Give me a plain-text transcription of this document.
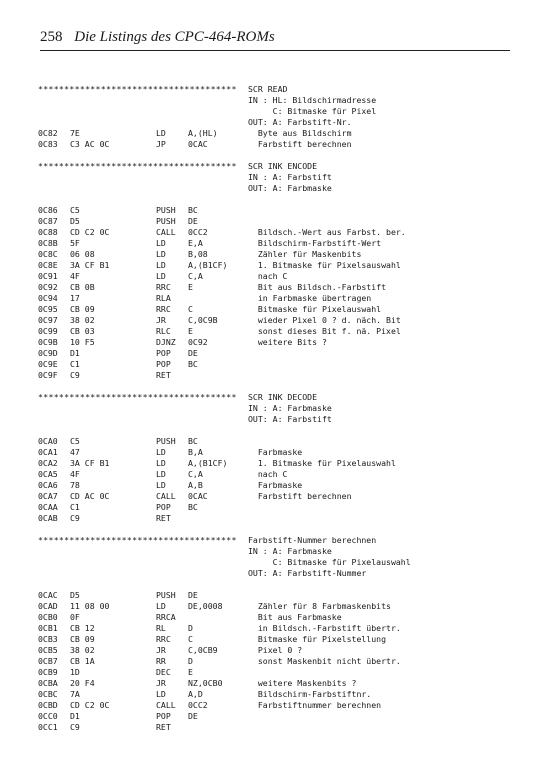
258 Die Listings des CPC-464-ROMs
************************************** SCR READ
IN : HL: Bildschirmadresse
C: Bitmaske für Pixel
OUT: A: Farbstift-Nr.
0C82 7E	LD	A,(HL)	Byte aus Bildschirm
0C83 C3 AC 0C	JP	0CAC	Farbstift berechnen
************************************** SCR INK ENCODE
IN : A: Farbstift
OUT: A: Farbmaske
0C86 C5	PUSH BC
0C87 D5	PUSH DE
0C88 CD C2 0C	CALL 0CC2	Bildsch.-Wert aus Farbst. ber.
0C8B 5F	LD	E,A	Bildschirm-Farbstift-Wert
0C8C 06 08	LD	B,08	Zähler für Maskenbits
0C8E 3A CF B1	LD	A,(B1CF)	1. Bitmaske für Pixelsauswahl
0C91 4F	LD	C,A	nach C
0C92 CB 0B	RRC E	Bit aus Bildsch.-Farbstift
0C94 17	RLA	in Farbmaske übertragen
0C95 CB 09	RRC C	Bitmaske für Pixelauswahl
0C97 38 02	JR	C,0C9B	wieder Pixel 0 ? d. näch. Bit
0C99 CB 03	RLC E	sonst dieses Bit f. nä. Pixel
0C9B 10 F5	DJNZ 0C92	weitere Bits ?
0C9D D1	POP DE
0C9E C1	POP BC
0C9F C9	RET
************************************** SCR INK DECODE
IN : A: Farbmaske
OUT: A: Farbstift
0CA0 C5	PUSH BC
0CA1 47	LD	B,A	Farbmaske
0CA2 3A CF B1	LD	A,(B1CF)	1. Bitmaske für Pixelauswahl
0CA5 4F	LD	C,A	nach C
0CA6 78	LD	A,B	Farbmaske
0CA7 CD AC 0C	CALL 0CAC	Farbstift berechnen
0CAA C1	POP BC
0CAB C9	RET
************************************** Farbstift-Nummer berechnen
IN : A: Farbmaske
C: Bitmaske für Pixelauswahl
OUT: A: Farbstift-Nummer
0CAC D5	PUSH DE
0CAD 11 08 00	LD	DE,0008	Zähler für 8 Farbmaskenbits
0CB0 0F	RRCA	Bit aus Farbmaske
0CB1 CB 12	RL	D	in Bildsch.-Farbstift übertr.
0CB3 CB 09	RRC C	Bitmaske für Pixelstellung
0CB5 38 02	JR	C,0CB9	Pixel 0 ?
0CB7 CB 1A	RR	D	sonst Maskenbit nicht übertr.
0CB9 1D	DEC E
0CBA 20 F4	JR	NZ,0CB0	weitere Maskenbits ?
0CBC 7A	LD	A,D	Bildschirm-Farbstiftnr.
0CBD CD C2 0C	CALL 0CC2	Farbstiftnummer berechnen
0CC0 D1	POP DE
0CC1 C9	RET
